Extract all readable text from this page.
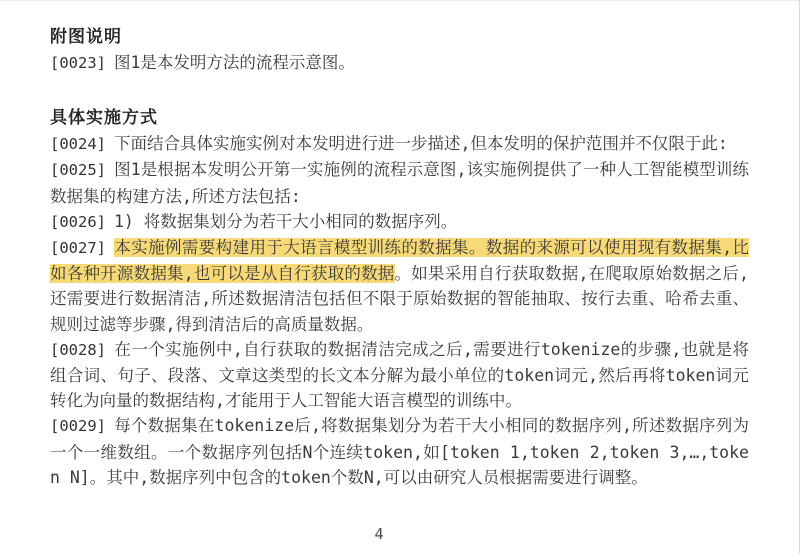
附图说明

[0023] 图1是本发明方法的流程示意图。

具体实施方式

[0024] 下面结合具体实施实例对本发明进行进一步描述,但本发明的保护范围并不仅限于此:

[0025] 图1是根据本发明公开第一实施例的流程示意图,该实施例提供了一种人工智能模型训练数据集的构建方法,所述方法包括:

[0026] 1) 将数据集划分为若干大小相同的数据序列。

[0027] 本实施例需要构建用于大语言模型训练的数据集。数据的来源可以使用现有数据集,比如各种开源数据集,也可以是从自行获取的数据。如果采用自行获取数据,在爬取原始数据之后,还需要进行数据清洁,所述数据清洁包括但不限于原始数据的智能抽取、按行去重、哈希去重、规则过滤等步骤,得到清洁后的高质量数据。

[0028] 在一个实施例中,自行获取的数据清洁完成之后,需要进行tokenize的步骤,也就是将组合词、句子、段落、文章这类型的长文本分解为最小单位的token词元,然后再将token词元转化为向量的数据结构,才能用于人工智能大语言模型的训练中。

[0029] 每个数据集在tokenize后,将数据集划分为若干大小相同的数据序列,所述数据序列为一个一维数组。一个数据序列包括N个连续token,如[token 1,token 2,token 3,…,token N]。其中,数据序列中包含的token个数N,可以由研究人员根据需要进行调整。

4
